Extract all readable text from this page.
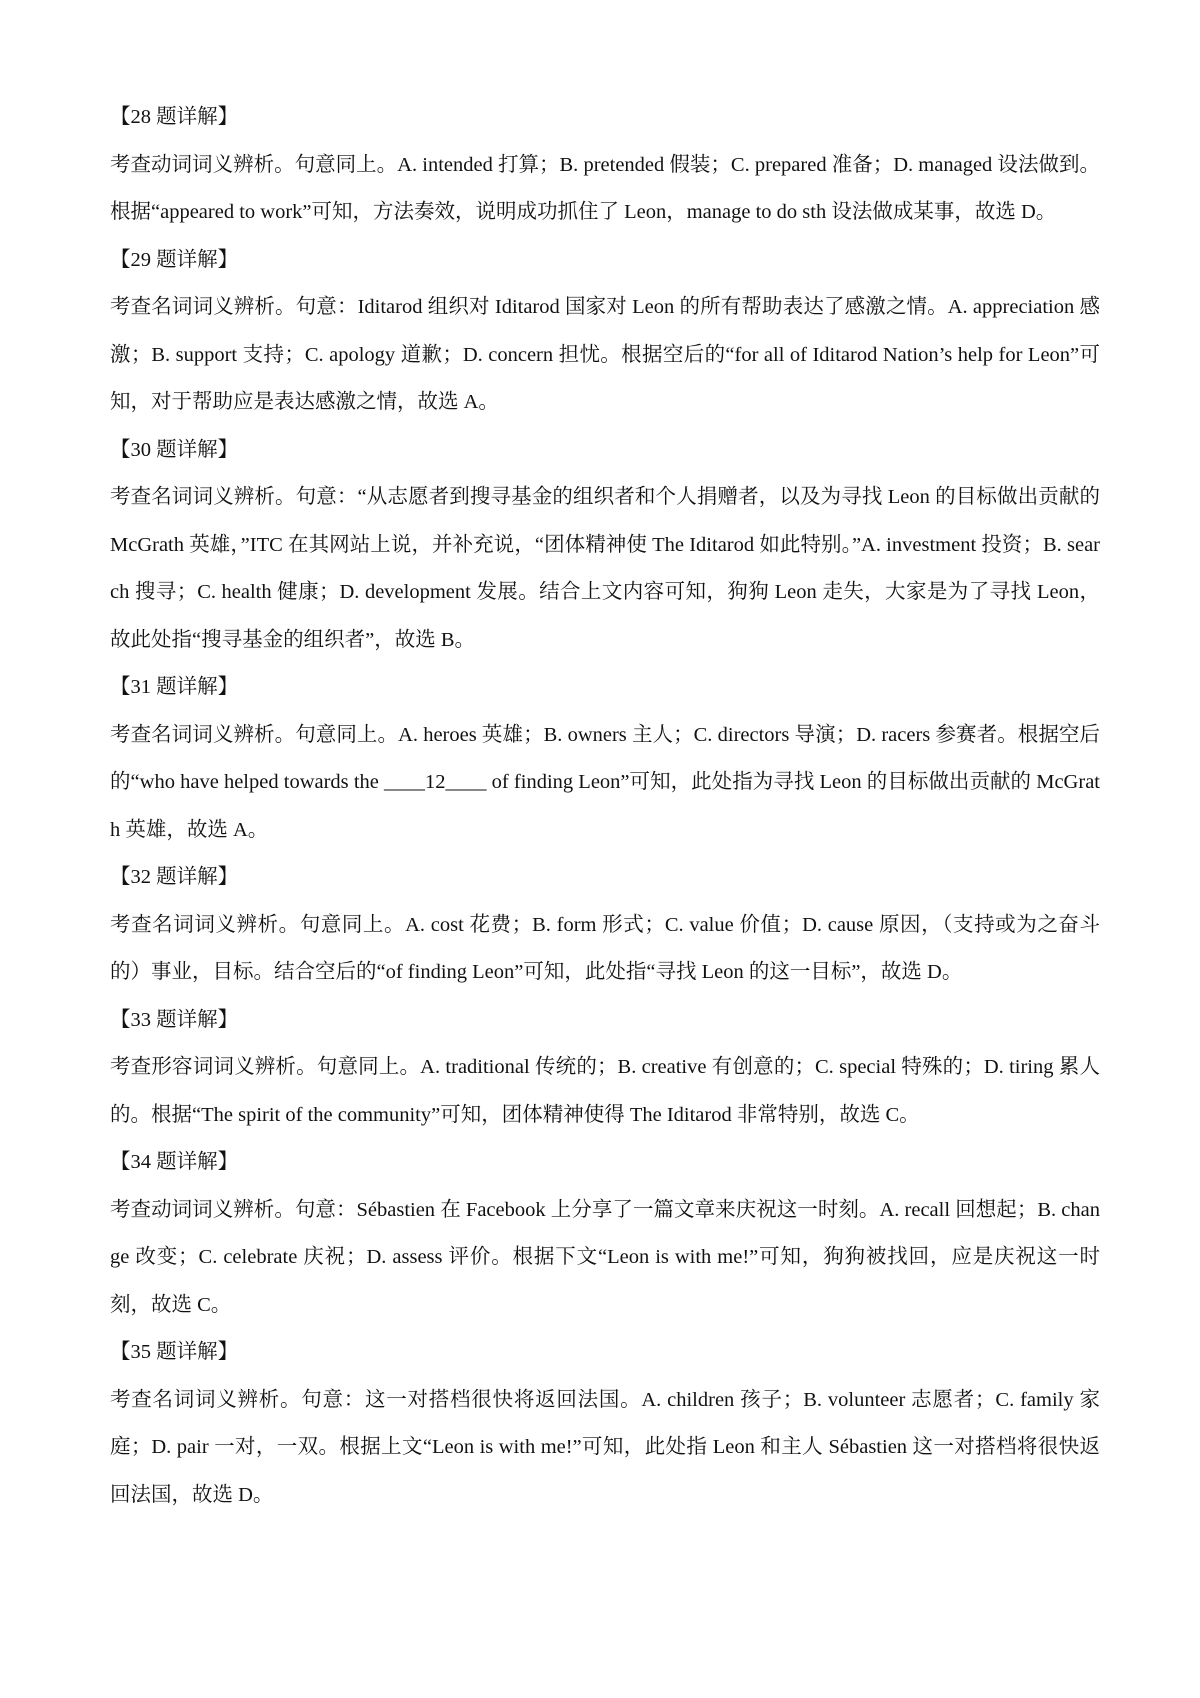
【28 题详解】
考查动词词义辨析。句意同上。A. intended 打算；B. pretended 假装；C. prepared 准备；D. managed 设法做到。根据“appeared to work”可知，方法奏效，说明成功抓住了 Leon，manage to do sth 设法做成某事，故选 D。
【29 题详解】
考查名词词义辨析。句意：Iditarod 组织对 Iditarod 国家对 Leon 的所有帮助表达了感激之情。A. appreciation 感激；B. support 支持；C. apology 道歉；D. concern 担忧。根据空后的“for all of Iditarod Nation’s help for Leon”可知，对于帮助应是表达感激之情，故选 A。
【30 题详解】
考查名词词义辨析。句意：“从志愿者到搜寻基金的组织者和个人捐赠者，以及为寻找 Leon 的目标做出贡献的 McGrath 英雄，”ITC 在其网站上说，并补充说，“团体精神使 The Iditarod 如此特别。”A. investment 投资；B. search 搜寻；C. health 健康；D. development 发展。结合上文内容可知，狗狗 Leon 走失，大家是为了寻找 Leon，故此处指“搜寻基金的组织者”，故选 B。
【31 题详解】
考查名词词义辨析。句意同上。A. heroes 英雄；B. owners 主人；C. directors 导演；D. racers 参赛者。根据空后的“who have helped towards the ____12____ of finding Leon”可知，此处指为寻找 Leon 的目标做出贡献的 McGrath 英雄，故选 A。
【32 题详解】
考查名词词义辨析。句意同上。A. cost 花费；B. form 形式；C. value 价值；D. cause 原因，（支持或为之奋斗的）事业，目标。结合空后的“of finding Leon”可知，此处指“寻找 Leon 的这一目标”，故选 D。
【33 题详解】
考查形容词词义辨析。句意同上。A. traditional 传统的；B. creative 有创意的；C. special 特殊的；D. tiring 累人的。根据“The spirit of the community”可知，团体精神使得 The Iditarod 非常特别，故选 C。
【34 题详解】
考查动词词义辨析。句意：Sébastien 在 Facebook 上分享了一篇文章来庆祝这一时刻。A. recall 回想起；B. change 改变；C. celebrate 庆祝；D. assess 评价。根据下文“Leon is with me!”可知，狗狗被找回，应是庆祝这一时刻，故选 C。
【35 题详解】
考查名词词义辨析。句意：这一对搭档很快将返回法国。A. children 孩子；B. volunteer 志愿者；C. family 家庭；D. pair 一对，一双。根据上文“Leon is with me!”可知，此处指 Leon 和主人 Sébastien 这一对搭档将很快返回法国，故选 D。
